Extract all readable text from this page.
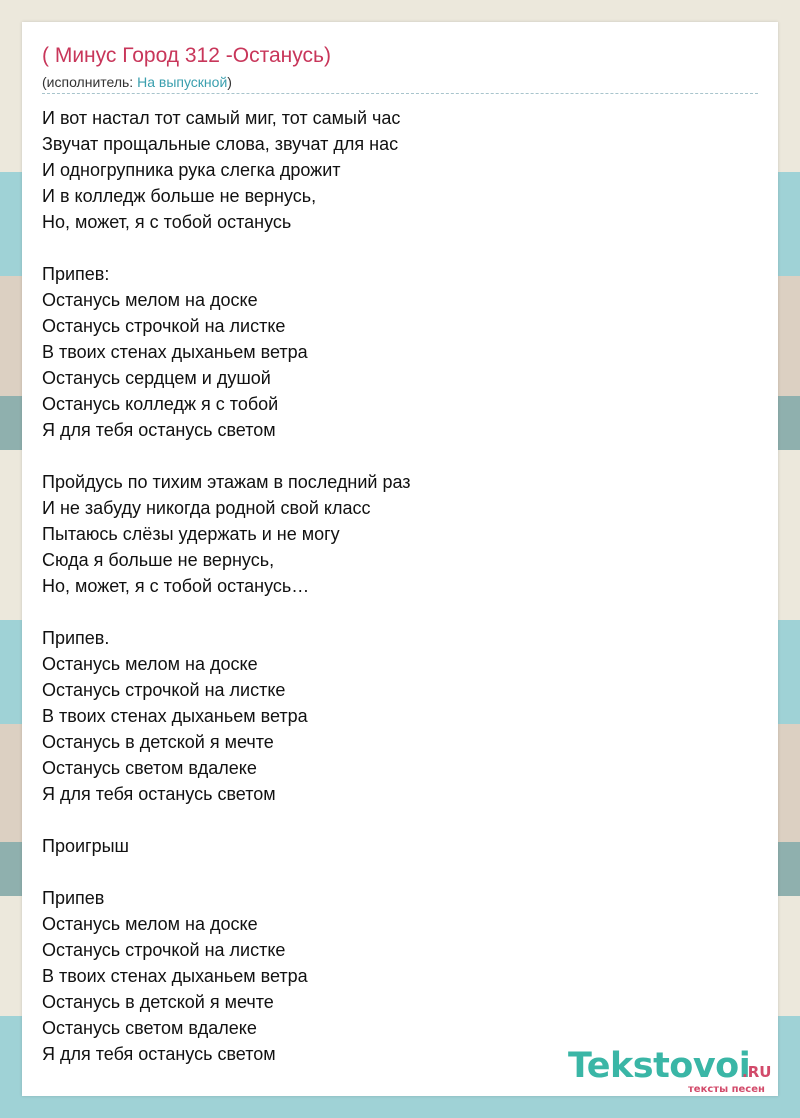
( Минус Город 312 -Останусь)
(исполнитель: На выпускной)
И вот настал тот самый миг, тот самый час
Звучат прощальные слова, звучат для нас
И одногрупника рука слегка дрожит
И в колледж больше не вернусь,
Но, может, я с тобой останусь
Припев:
Останусь мелом на доске
Останусь строчкой на листке
В твоих стенах дыханьем ветра
Останусь сердцем и душой
Останусь колледж я с тобой
Я для тебя останусь светом
Пройдусь по тихим этажам в последний раз
И не забуду никогда родной свой класс
Пытаюсь слёзы удержать и не могу
Сюда я больше не вернусь,
Но, может, я с тобой останусь…
Припев.
Останусь мелом на доске
Останусь строчкой на листке
В твоих стенах дыханьем ветра
Останусь в детской я мечте
Останусь светом вдалеке
Я для тебя останусь светом
Проигрыш
Припев
Останусь мелом на доске
Останусь строчкой на листке
В твоих стенах дыханьем ветра
Останусь в детской я мечте
Останусь светом вдалеке
Я для тебя останусь светом	Tekstovoi
.RU
тексты песен
